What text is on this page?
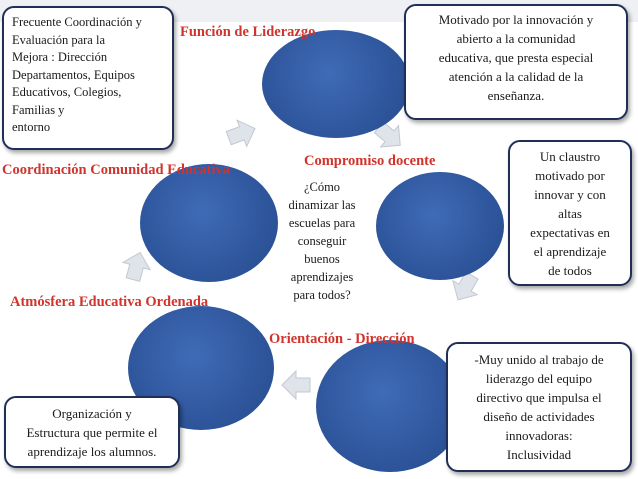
¿Cómo
dinamizar las
escuelas para
conseguir
buenos
aprendizajes
para todos?
Función de Liderazgo
Compromiso docente
Orientación - Dirección
Atmósfera Educativa Ordenada
Coordinación Comunidad Educativa
Frecuente Coordinación y
Evaluación para la
Mejora : Dirección
Departamentos, Equipos
Educativos, Colegios,
Familias y
entorno
Motivado por la innovación y
abierto a la comunidad
educativa, que presta especial
atención a la calidad de la
enseñanza.
Un claustro
motivado por
innovar y con
altas
expectativas en
el aprendizaje
de todos
-Muy unido al trabajo de
liderazgo del equipo
directivo que impulsa el
diseño de actividades
innovadoras:
Inclusividad
Organización y
Estructura que permite el
aprendizaje los alumnos.
